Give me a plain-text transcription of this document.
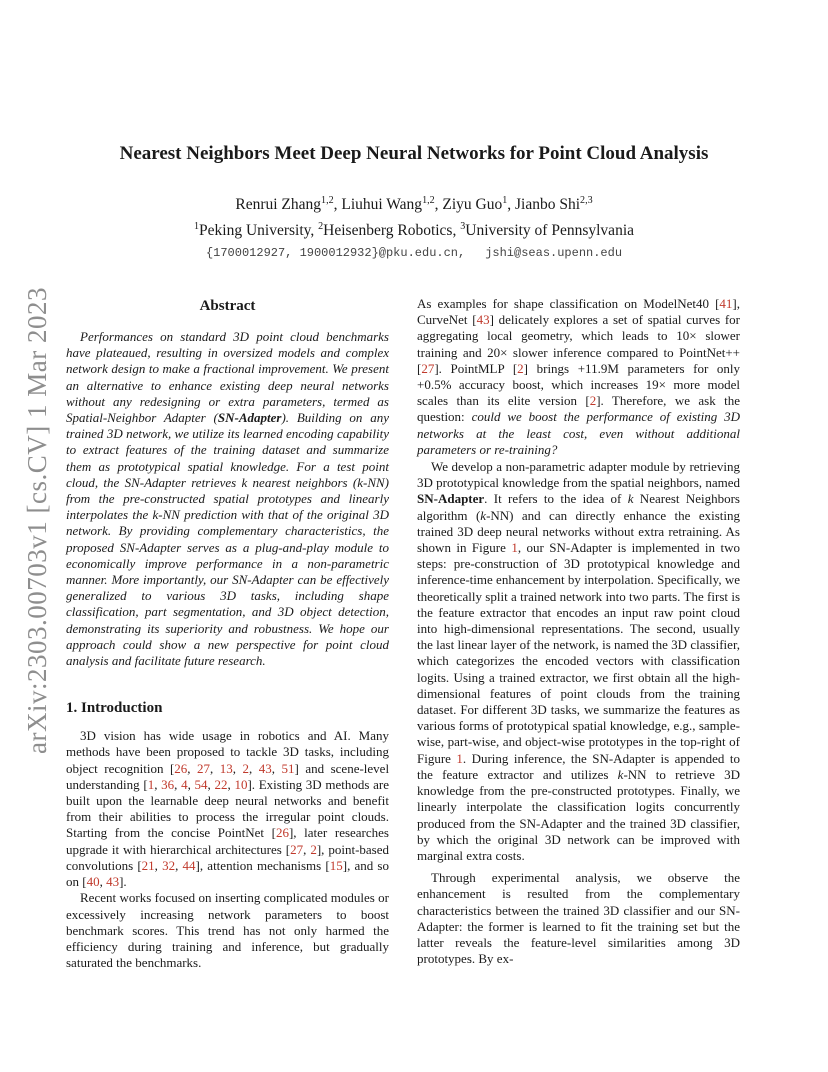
arXiv:2303.00703v1 [cs.CV] 1 Mar 2023
Nearest Neighbors Meet Deep Neural Networks for Point Cloud Analysis
Renrui Zhang$^{1,2}$, Liuhui Wang$^{1,2}$, Ziyu Guo$^1$, Jianbo Shi$^{2,3}$
$^1$Peking University, $^2$Heisenberg Robotics, $^3$University of Pennsylvania
{1700012927, 1900012932}@pku.edu.cn, jshi@seas.upenn.edu
Abstract

Performances on standard 3D point cloud benchmarks have plateaued, resulting in oversized models and complex network design to make a fractional improvement. We present an alternative to enhance existing deep neural networks without any redesigning or extra parameters, termed as Spatial-Neighbor Adapter (SN-Adapter). Building on any trained 3D network, we utilize its learned encoding capability to extract features of the training dataset and summarize them as prototypical spatial knowledge. For a test point cloud, the SN-Adapter retrieves k nearest neighbors (k-NN) from the pre-constructed spatial prototypes and linearly interpolates the k-NN prediction with that of the original 3D network. By providing complementary characteristics, the proposed SN-Adapter serves as a plug-and-play module to economically improve performance in a non-parametric manner. More importantly, our SN-Adapter can be effectively generalized to various 3D tasks, including shape classification, part segmentation, and 3D object detection, demonstrating its superiority and robustness. We hope our approach could show a new perspective for point cloud analysis and facilitate future research.

1. Introduction

3D vision has wide usage in robotics and AI. Many methods have been proposed to tackle 3D tasks, including object recognition [26, 27, 13, 2, 43, 51] and scene-level understanding [1, 36, 4, 54, 22, 10]. Existing 3D methods are built upon the learnable deep neural networks and benefit from their abilities to process the irregular point clouds. Starting from the concise PointNet [26], later researches upgrade it with hierarchical architectures [27, 2], point-based convolutions [21, 32, 44], attention mechanisms [15], and so on [40, 43].

Recent works focused on inserting complicated modules or excessively increasing network parameters to boost benchmark scores. This trend has not only harmed the efficiency during training and inference, but gradually saturated the benchmarks.

As examples for shape classification on ModelNet40 [41], CurveNet [43] delicately explores a set of spatial curves for aggregating local geometry, which leads to 10× slower training and 20× slower inference compared to PointNet++ [27]. PointMLP [2] brings +11.9M parameters for only +0.5% accuracy boost, which increases 19× more model scales than its elite version [2]. Therefore, we ask the question: could we boost the performance of existing 3D networks at the least cost, even without additional parameters or re-training?

We develop a non-parametric adapter module by retrieving 3D prototypical knowledge from the spatial neighbors, named SN-Adapter. It refers to the idea of k Nearest Neighbors algorithm (k-NN) and can directly enhance the existing trained 3D deep neural networks without extra retraining. As shown in Figure 1, our SN-Adapter is implemented in two steps: pre-construction of 3D prototypical knowledge and inference-time enhancement by interpolation. Specifically, we theoretically split a trained network into two parts. The first is the feature extractor that encodes an input raw point cloud into high-dimensional representations. The second, usually the last linear layer of the network, is named the 3D classifier, which categorizes the encoded vectors with classification logits. Using a trained extractor, we first obtain all the high-dimensional features of point clouds from the training dataset. For different 3D tasks, we summarize the features as various forms of prototypical spatial knowledge, e.g., sample-wise, part-wise, and object-wise prototypes in the top-right of Figure 1. During inference, the SN-Adapter is appended to the feature extractor and utilizes k-NN to retrieve 3D knowledge from the pre-constructed prototypes. Finally, we linearly interpolate the classification logits concurrently produced from the SN-Adapter and the trained 3D classifier, by which the original 3D network can be improved with marginal extra costs.

Through experimental analysis, we observe the enhancement is resulted from the complementary characteristics between the trained 3D classifier and our SN-Adapter: the former is learned to fit the training set but the latter reveals the feature-level similarities among 3D prototypes. By ex-
